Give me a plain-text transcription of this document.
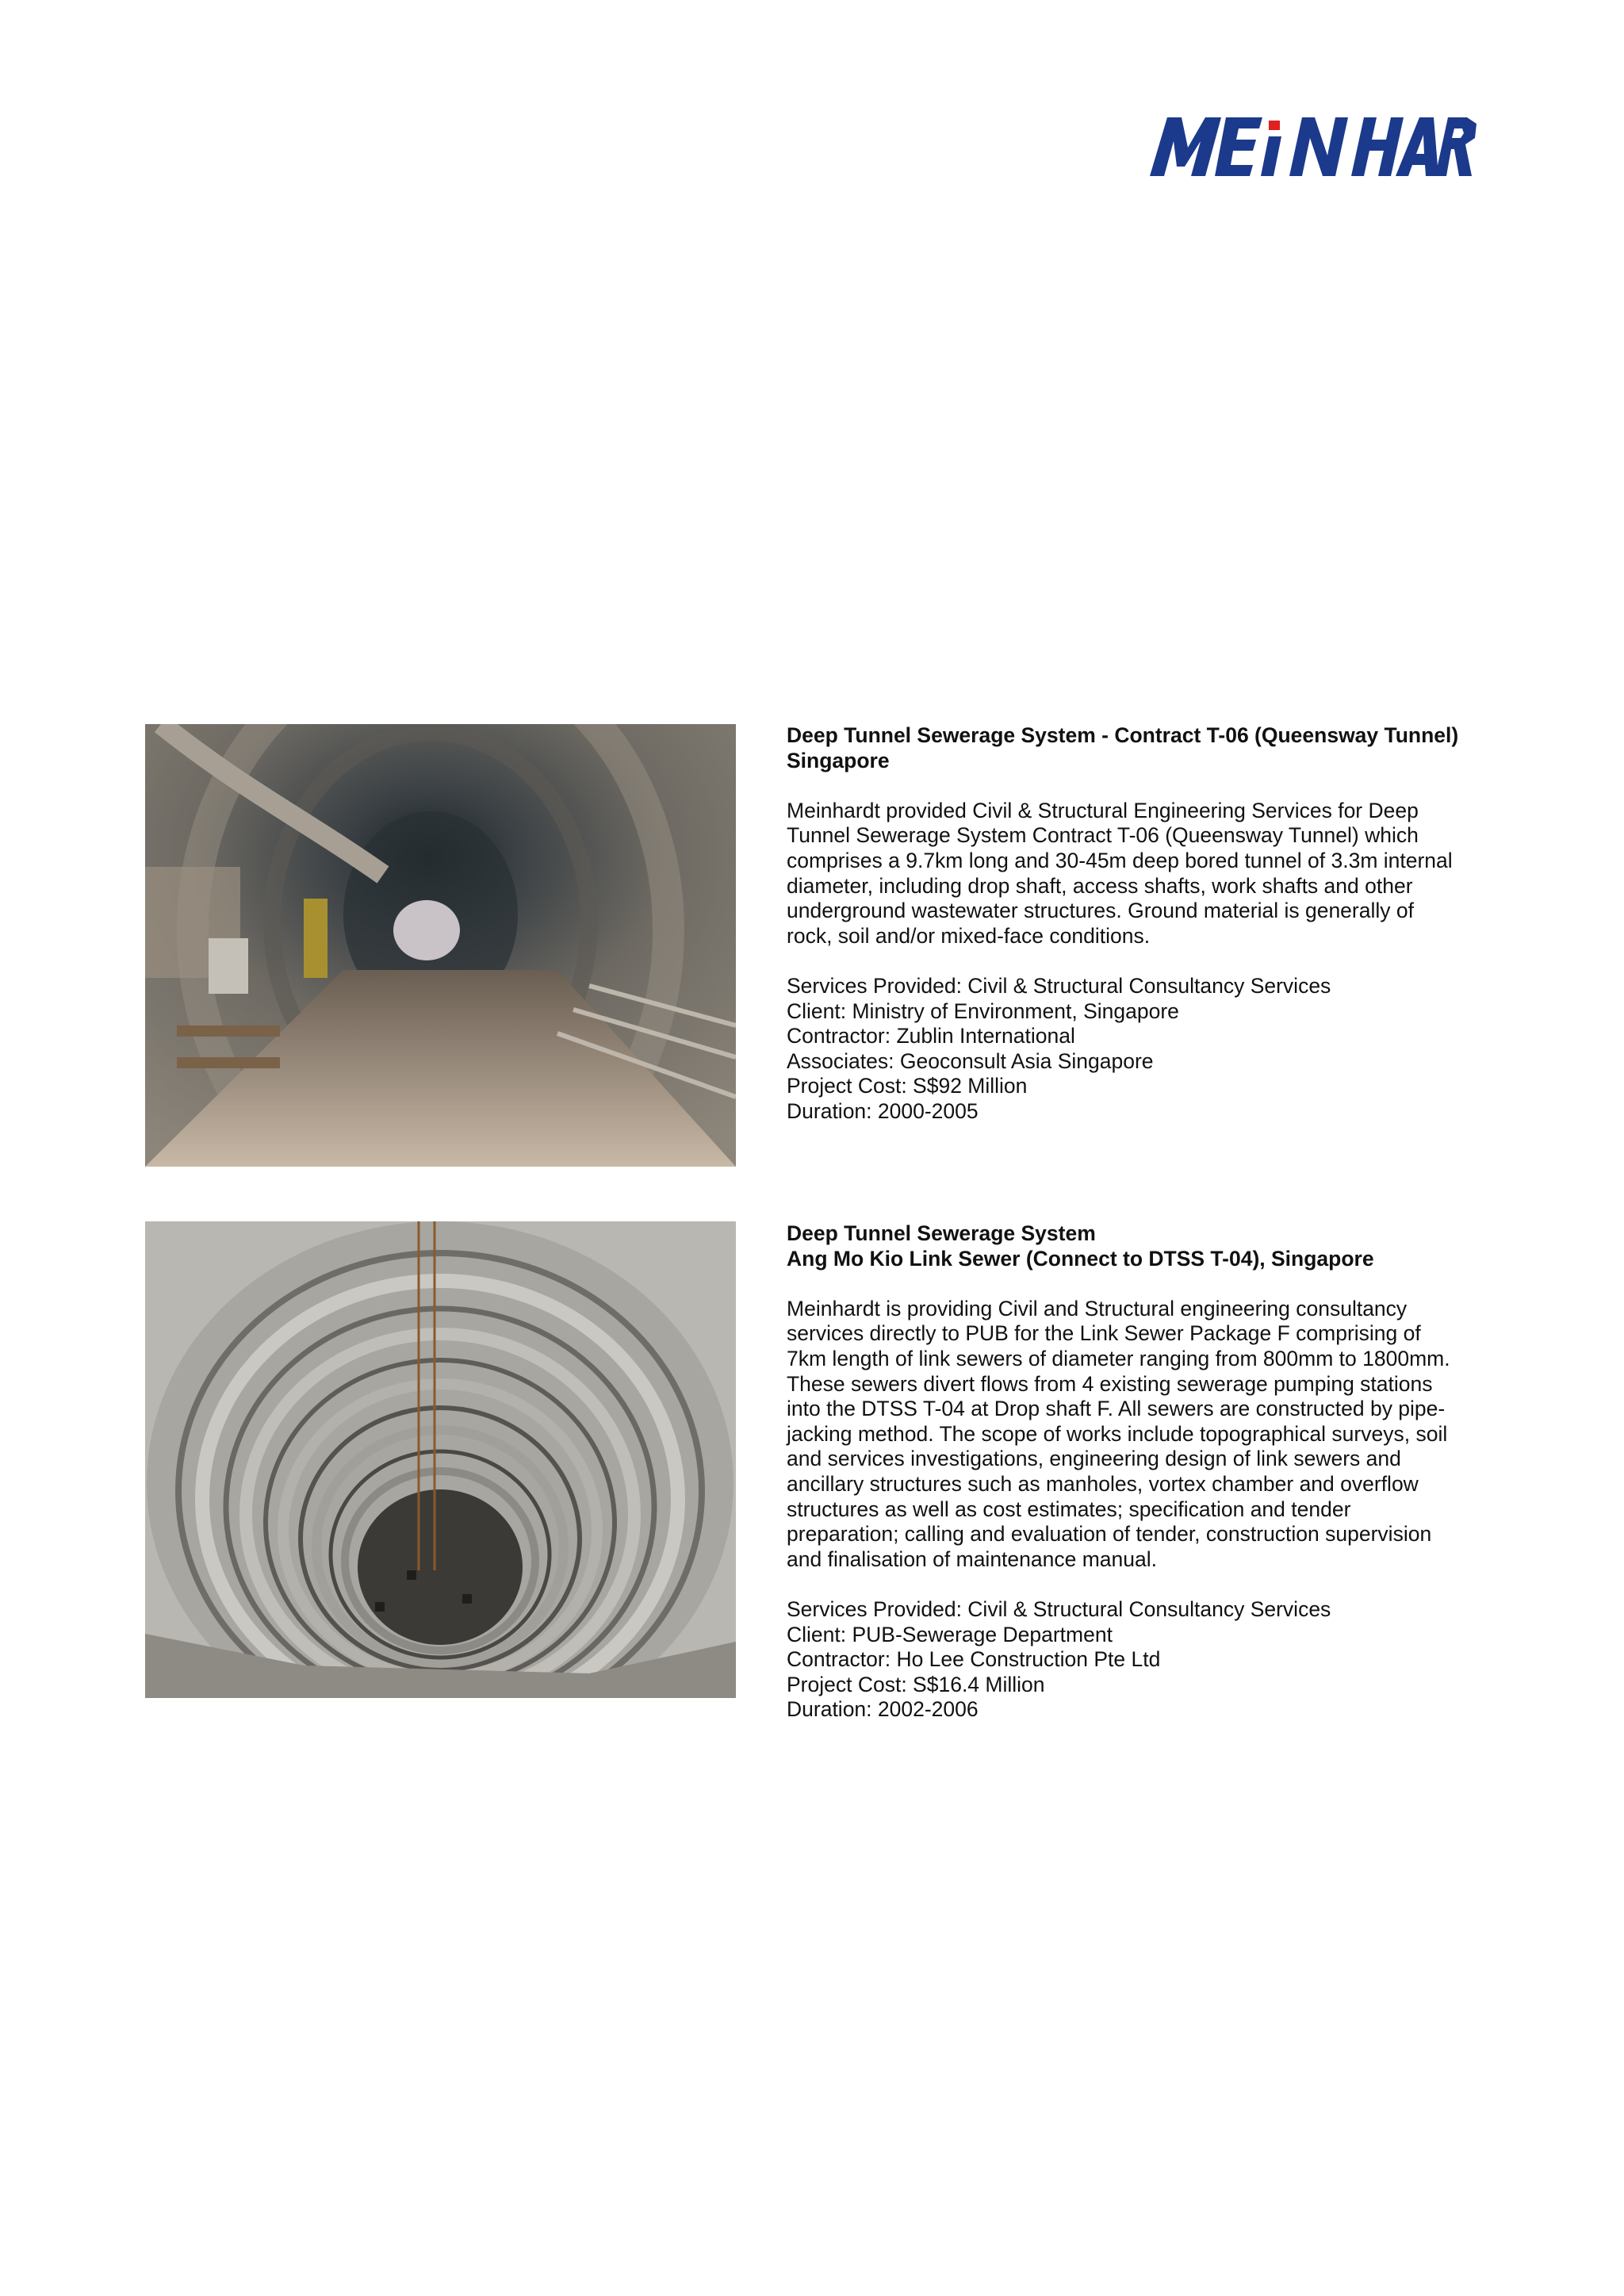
Deep Tunnel Sewerage System - Contract T-06 (Queensway Tunnel)
Singapore

Meinhardt provided Civil & Structural Engineering Services for Deep
Tunnel Sewerage System Contract T-06 (Queensway Tunnel) which
comprises a 9.7km long and 30-45m deep bored tunnel of 3.3m internal
diameter, including drop shaft, access shafts, work shafts and other
underground wastewater structures. Ground material is generally of
rock, soil and/or mixed-face conditions.

Services Provided: Civil & Structural Consultancy Services
Client: Ministry of Environment, Singapore
Contractor: Zublin International
Associates: Geoconsult Asia Singapore
Project Cost: S$92 Million
Duration: 2000-2005

Deep Tunnel Sewerage System
Ang Mo Kio Link Sewer (Connect to DTSS T-04), Singapore

Meinhardt is providing Civil and Structural engineering consultancy
services directly to PUB for the Link Sewer Package F comprising of
7km length of link sewers of diameter ranging from 800mm to 1800mm.
These sewers divert flows from 4 existing sewerage pumping stations
into the DTSS T-04 at Drop shaft F. All sewers are constructed by pipe-
jacking method. The scope of works include topographical surveys, soil
and services investigations, engineering design of link sewers and
ancillary structures such as manholes, vortex chamber and overflow
structures as well as cost estimates; specification and tender
preparation; calling and evaluation of tender, construction supervision
and finalisation of maintenance manual.

Services Provided: Civil & Structural Consultancy Services
Client: PUB-Sewerage Department
Contractor: Ho Lee Construction Pte Ltd
Project Cost: S$16.4 Million
Duration: 2002-2006
